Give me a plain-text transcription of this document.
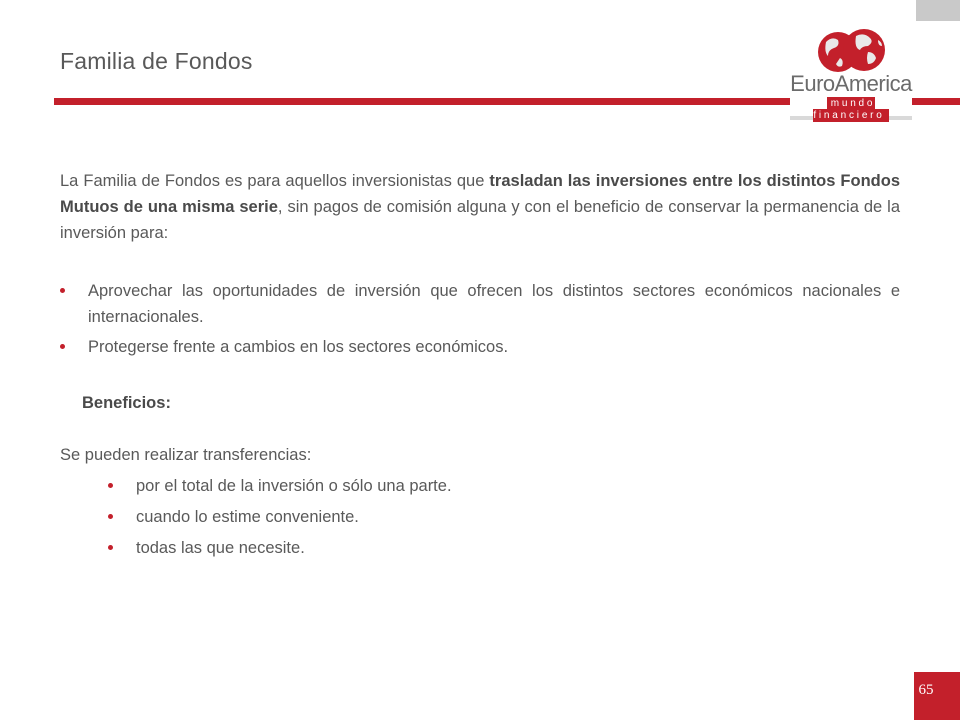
Familia de Fondos
EuroAmerica
mundo financiero

La Familia de Fondos es para aquellos inversionistas que trasladan las inversiones entre los distintos Fondos Mutuos de una misma serie, sin pagos de comisión alguna y con el beneficio de conservar la permanencia de la inversión para:

Aprovechar las oportunidades de inversión que ofrecen los distintos sectores económicos nacionales e internacionales.
Protegerse frente a cambios en los sectores económicos.
Beneficios:
Se pueden realizar transferencias:
por el total de la inversión o sólo una parte.
cuando lo estime conveniente.
todas las que necesite.
65
